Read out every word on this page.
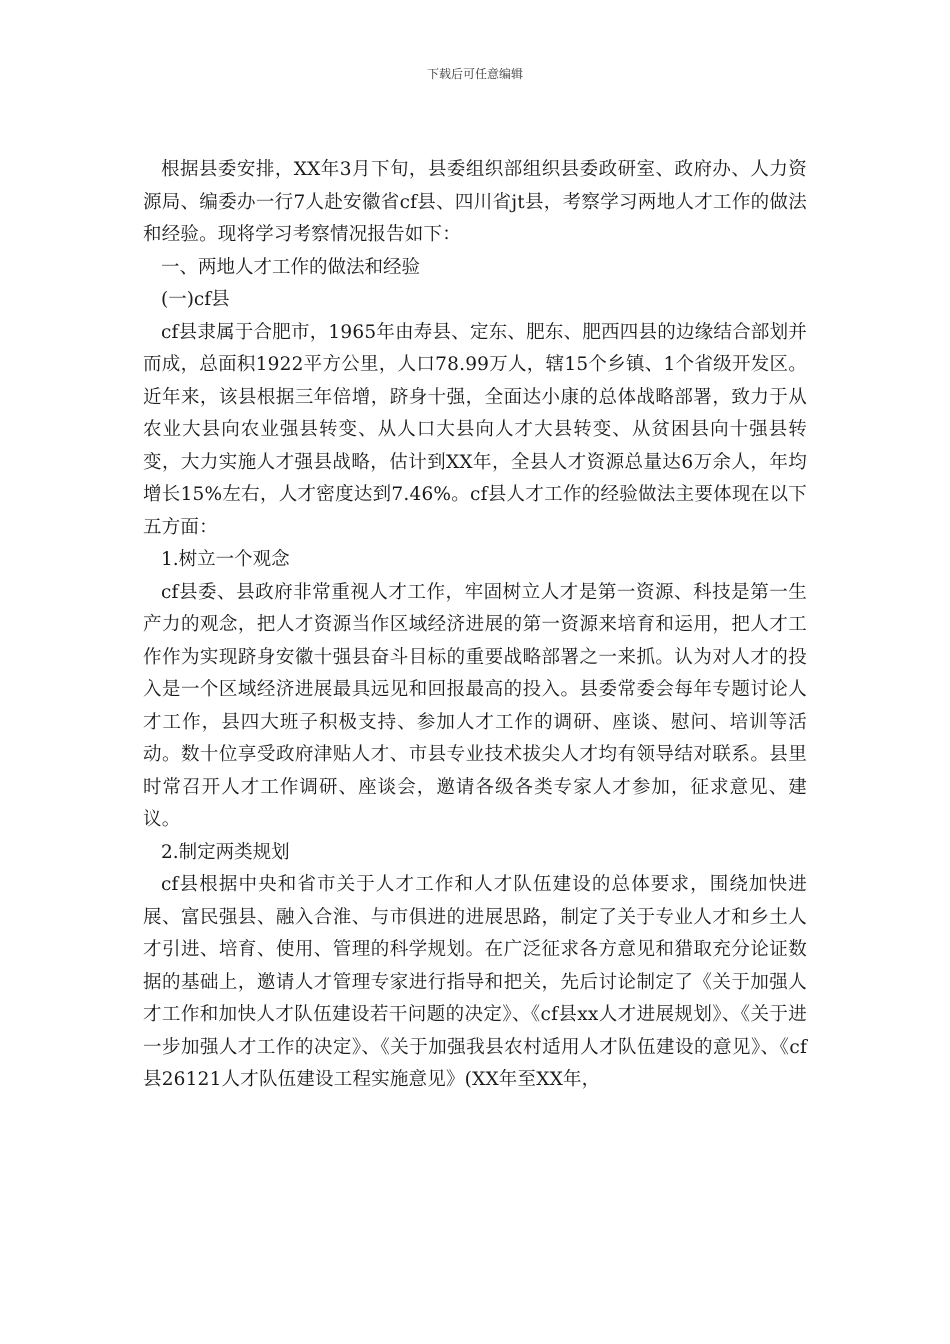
下载后可任意编辑

根据县委安排，XX年3月下旬，县委组织部组织县委政研室、政府办、人力资源局、编委办一行7人赴安徽省cf县、四川省jt县，考察学习两地人才工作的做法和经验。现将学习考察情况报告如下：

一、两地人才工作的做法和经验

(一)cf县

cf县隶属于合肥市，1965年由寿县、定东、肥东、肥西四县的边缘结合部划并而成，总面积1922平方公里，人口78.99万人，辖15个乡镇、1个省级开发区。近年来，该县根据三年倍增，跻身十强，全面达小康的总体战略部署，致力于从农业大县向农业强县转变、从人口大县向人才大县转变、从贫困县向十强县转变，大力实施人才强县战略，估计到XX年，全县人才资源总量达6万余人，年均增长15%左右，人才密度达到7.46%。cf县人才工作的经验做法主要体现在以下五方面：

1.树立一个观念

cf县委、县政府非常重视人才工作，牢固树立人才是第一资源、科技是第一生产力的观念，把人才资源当作区域经济进展的第一资源来培育和运用，把人才工作作为实现跻身安徽十强县奋斗目标的重要战略部署之一来抓。认为对人才的投入是一个区域经济进展最具远见和回报最高的投入。县委常委会每年专题讨论人才工作，县四大班子积极支持、参加人才工作的调研、座谈、慰问、培训等活动。数十位享受政府津贴人才、市县专业技术拔尖人才均有领导结对联系。县里时常召开人才工作调研、座谈会，邀请各级各类专家人才参加，征求意见、建议。

2.制定两类规划

cf县根据中央和省市关于人才工作和人才队伍建设的总体要求，围绕加快进展、富民强县、融入合淮、与市俱进的进展思路，制定了关于专业人才和乡土人才引进、培育、使用、管理的科学规划。在广泛征求各方意见和猎取充分论证数据的基础上，邀请人才管理专家进行指导和把关，先后讨论制定了《关于加强人才工作和加快人才队伍建设若干问题的决定》、《cf县xx人才进展规划》、《关于进一步加强人才工作的决定》、《关于加强我县农村适用人才队伍建设的意见》、《cf县26121人才队伍建设工程实施意见》(XX年至XX年，
